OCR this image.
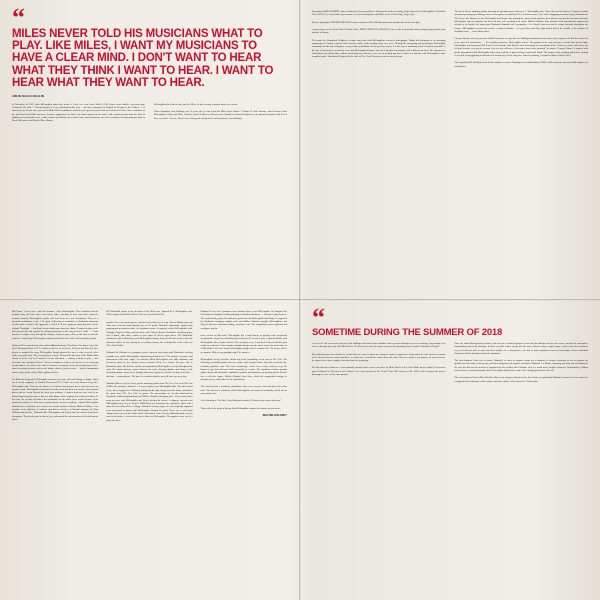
“
MILES NEVER TOLD HIS MUSICIANS WHAT TO PLAY. LIKE MILES, I WANT MY MUSICIANS TO HAVE A CLEAR MIND. I DON'T WANT TO HEAR WHAT THEY THINK I WANT TO HEAR. I WANT TO HEAR WHAT THEY WANT TO HEAR.
JOHN McCAUGHLIN

In November of 2019, John McLaughlin asked this writer if I had ever seen Louis Malle's 1958 French crime thriller Ascenseur pour l'echafaud. The film — 90-odd minutes of nervy, black-and-white noir — had been translated in English as Elevator to the Gallows — is famous for its French noir style and its Miles Davis soundtrack, which the jazz great recorded with four sidemen in Paris. After a rundown of the plot that Louis Malle and some hermetic suggestions by Davis, the band improvised the music while watching clips from the film. In addition to a memorable score, a fully realized jazz album was created. Some music historians view the recording as an important precursor to Davis' Milestones and Kind of Blue albums.

McLaughlin also told me that, just like Miles, he had recently recorded music for a movie.

When filmmaker Jack Stallings was 15 years old, he first heard the Miles Davis album A Tribute To Jack Johnson, which features John McLaughlin. Along with Wise, Coltrane, Bach, Beethoven, Mozart, and a handful of classical interpreters, the guitarist/composer had been a hero ever since. 'For me, John is one of the purest and greatest of all musicians,' says Stallings.

Saxophonist BRIAN SIEBEL, bass or Rodwyck's jazz group Drive. Subsequent to this recording, Siegel appeared on McLaughlin's Liberation Time (2021). 'I've loved John's great music ever since hearing him with Miles on In A Silent Way,' Siegel says.

Electric bass player ETIENNE MBAPPÉ is also a member of The 4th Dimension and a bandleader in his own right.

A past winner of the Sonny Wheeler Music Prize, MISHA MULLOV-ABBADO is one of the most prolific and exciting young acoustic jazz bassists in Europe.

The music for Abandoned Heights is a major entry into John McLaughlin's extensive discography. Taking full advantage of an intriguing opportunity, he further explores some favorite motifs, while creating many new ones. Through the composing and performing, McLaughlin constantly revisits and reimagines every possible permutation of his previous works. It is his way of unlocking music's limitless potential. In the case of this project, one has the sense that McLaughlin brings to bear all of his gifts in sympathy with a different art form. The outcome is a full-fledged jazz album that, without sacrificing any intricacy, serves as an inviting gateway to those not familiar with McLaughlin's other complex music. Abandoned Heights tells the tales of New York City streets and far away dreams.

The Scene has an uplifting quality featuring an uptempo groove that is in 7. McLaughlin says, 'Since this was the opener, I wanted to attract attention by setting up a dialogue between the guitar, sax and bass. It's a call and answer.' Over some chugging percussion loops, Husband sets 'The Scene' a-la Ramsey Lewis. McLaughlin and Siegel enter playing the main melody together, their phrases repeated by the piano and bass. McLaughlin rips an emphatic run that will have you checking your vitals. Mullov-Abbado's bass provides both foundational support and melody as he doubles the piano part; Husband's drumkit solo is propulsive. It is Siegel's turn next and he romps joyously throughout the feature. McLaughlin's second solo creates a musical paradox — he gets down and dirty right smack dab in the middle of the sublime. It shouldn't work . . . but it always does.

Curaçao Dream is a lovely, pensive ballad. In answer to a specific cue Stallings anticipated for the movie, the composer felt that the music had to be quiet. 'It's melancholy . . . it's recalling memories,' McLaughlin reflects. The guitarist is the only performer on this brief poetic flight. McLaughlin veteran pianist Bill Evans' Conversations with Myself when discussing the overdubbed track. 'When you know both sides, the feelings become very precise because they are not collective; it becomes much more personal,' he muses. 'Curaçao Dream' is painted with gentle atmospherics that McLaughlin takes from a palette of pastels using a soft-bristle brush. The beauty of the yearning guitar lines running over a bed of arpeggiating chords takes the breath away. If the song were indeed a painting, it would be Monet's Water Lilies.

The beguiling Will & Elijah on the Train combines a nod to 'Nostalgia' from Mahavishnu (1984), which featured solos from McLaughlin and saxophonist

Bill Evans. 'I am in love with this structure,' offers McLaughlin. These familiar with the original song will have their ears honed, fully expecting to hear what their memories demand; instead, McLaughlin's guitar will lead them to a new destination. There is a beautiful modulation at the 1:19 mark, delivering an invitation to Husband's showcase electric piano. Siegel's solo approach is added to Evans' gorgeous fluttering lines on the original 'Nostalgia' — but Siegel's roster finds more than they flutter. 'I wanted to play a solo that was melodic and connect the shifting harmonies in the song as best I could . . . I took my time to explore ways through the changes, firstly on piano, then on the horn to learn the sequence,' adds Siegel. McLaughlin returns to finish the tune with a solo stretching refrain.

Elijah in DC is modeled after the classic Mahavishnu tune 'You Know You Know' from The Inner Mounting Flame (1971). Artists as diverse as Jeff Beck, DJ Scott and Mos Def have played or sampled the song. McLaughlin, though pleased the tune is often covered, jokes with a wry smile that: 'They are playing it wrong.' Whereas the first beat of the Mahavishnu classic is on the 'end of 4' instead of on the downbeat — making it tricky to play — this derivative has a standard 4/4 feel. 'There is actually not really a melody here; I am setting up an atmosphere. It's what we do with it. Contrary to coming in at the top and playing a solo, I asked everybody to start a solo on the bridge, which is kind of weird . . . but the imagination starts to play inside of that,' McLaughlin clarifies.

For Malcolm Fitzgerald, McLaughlin reinvents a six-note riff from 'Bridge of Sighs', which can be heard originally on Natural Elements (1977). 'That's one of the themes of my life,' McLaughlin adds. This time the phrase is electrified and dropped into a fresh processor on an pulse mode. McLaughlin's trademark horn-like often that their way into the most unusual places and are swept beyond the basic jazz tradition. A pattern that was once used in an Indian-tinged song becomes a blues or funk phrase when employed in a different milieu. In this case, the six-note riff that is the foundation for the whole piece works because of the synth bass sound of it. That lower-register phrase 'means everything,' explains McLaughlin. Husband uses a half-time feel at times for sounds similar to Narada Michael Walden. 'I am actually on the high hat. It could be said that is reflective of Narada's playing, but Tony Williams did that too,' Husband adds. McLaughlin and Siegel share the atomic funk theme throughout. They break apart to dart in, out, and around the aforementioned riff with intense solos.

DC Basketball points in the direction of the Miles tune 'Spanish Key.' McLaughlin says, 'This is right out of Kitchen Brew. That one chord hooks it all

together. It's a two-chord groove, but that's all it takes to set it up.' Pascal Milupit opens up with some ferocious funk playing over an E7 pedal. Husband's drumming, against busy programmed percussion tracks, is a rhythmic course. An urgency settles McLaughlin's solo. Fittingly, Siegel's roiling, anxious solos evoke Wayne Shorter. Husband's cascading piano, full of attack, adds brave points of open space in all the right places. 'DC Basketball' culminates with a blistering second McLaughlin barrage before it all fades away in the fake afternoon traffic. In fact, during the recording sessions, the working title of the track was 'New York Traffic.'

Nathaniel & Christian is a poignant, poetic endeavor that begins with Husband's swelling cymbals over which McLaughlin's shimmering chords hover. The melody is pensive and harmonious with some edges. An inflective-filled McLaughlin solo adds substance and increment attack as the mission moves forward. There is a classic '60s jazz vibe to Husband's piano. His delicate chordic accompaniment McLaughlin's melody throughout the coda. The chord structure, spaces between the notes, flowing rhythm, and beauty of the keyboard produce moments of fragility that come together to create a feeling of tension — but firm — transcendence. The tune is a reminder that the sun will come up every day.

Nathaniel Drives to New Jersey gets its marching orders from 'The Free Line' on In The Fan (2006). The melody is insistent — it comes right at you. McLaughlin adds, 'The tune is hard to me, but not aggressive.' Husband, pulling double duty laying down the drums, introduces the quote from 'The Free Line' on piano. The proceedings are heavily buttressed by Husband's exhilarating backbeats and Mullov-Abbado's thumping bass. A slow motor blues ramp up roars with McLaughlin and Siegel offering the theme. A slippery, staccato rock McLaughlin foray is next. Siegel's R&B-tinted solo maintains the exposition, albeit with a spaced-in two-offered line of charge. Husband's chunky organ solo was originally supposed to be performed on piano until McLaughlin changed his mind. There was an old organ sitting in the corner of the studio which could barely work. Clearly, Husband found a way to sort out its kinks. A second solo turn is taken by McLaughlin. He surprises come out of a daily fine time.

Nathaniel Leaves the Apartment was character driven, says McLaughlin. He imagined the lead character Nathaniel walking through a beautiful apartment — and then reality kicks in. The main melody, played in tandem to great effect by McLaughlin and Siegel, is supported by Husband's swinging cymbal work and Mullov-Abbado's upright. McLaughlin's and Siegel's solos are sometimes biting, sometimes cool. The complicity between guitarist and sax player may be

most evident on this track. McLaughlin has a long history of playing with exceptional saxophonists. Siegel has officially joined that list. He seems to have a natural affinity with McLaughlin's lines, timbre and feel. The sax player says, 'I just tried to blend with his great sound on each tune!' After a marked rhythm change runs the whole mood, the track takes on a Miles-like 'Cool Jazz' sound. McLaughlin laughs when I mention this. 'Of course, this is no surprise. Miles is my guardian angel,' he answers.

McLaughlin's lovely bell-like chords tug at the heartstrings at the start of The Cost. The following overdubbed guitar lines are replete with elongated blues riffs and occasional sky-reaching rapid-fire runs. This brief soundscape, which never really resolves, begs the listener to get lost and come back repeatedly in a cycle. The repetition of those opening guitar chords and Husband's empathetic cymbals and backbeat can quickly put the listener into a reflective trance. Mullov-Abbado's bass lines, which the composition assigns to integrate pieces, add further to the introduction.

'The End' presents a wondrous conundrum. How can a song be slow and fast at the same time? The answer is contained within McLaughlin's and musical vocabulary which has its own unique font.

After listening to 'The End,' Gary Husband remarked, 'Nobody writes music this way!'

That really is the point in having John McLaughlin compose the music for your score.

WALTER KOLOSKY
“
SOMETIME DURING THE SUMMER OF 2018

I received a call from movie director Jack Stallings who had become familiar with my music through my own recordings, but perhaps even more so through my work with Miles Davis. He asked me to write the music score for his upcoming movie entitled 'Abandoned Heights'.

My initial question was whether he would allow me some freedom in writing the music as opposed to being asked to write music to conform to his ideas of how the music should be, in which case I would have turned down the offer. However, much to my surprise, he answered 'yes' he wanted me to have complete freedom from the beginning.

We also discovered that one of our mutually favorite movie scores was done by Miles Davis in the Louis Malle movie entitled 'L'ascenseur pour l'échafaud' or 'Elevator to the Gallows' one of the greatest of the French 'Film Noir' movies of the 1950's and I accepted the project knowing we were on the same ground.

Since the actual filming had not started, Jack sent me a detailed synopsis of not only the dialogue between the actors, but also the atmosphere surrounding much of the dialogue. In fact I was able to dive deeply into the story without seeing a single image. I got to know the characters very well and was able to enter into their worlds. As a consequence, was able to draw inspiration from my knowledge of their individual characters and the dialogues inside the situations.

The first character I met was of course, Nathaniel, in order to compose music for a character, it became necessary for me to separate the qualities and the faults of the person, and then bring them all together musically. Nathaniel is a likable, charming con man who is looking for the easy life that for the moment is supported by his wealthy wife Christine who is a much more complex character. Unfortunately, Nathan suffers from a certain immaturity which will finally oblige him to make a life changing decision in the end.

The next character I met is Marc Buckley. Marc is an elegant, cultivated snob, but a better con artist than Nathaniel, insofar as he is a writer for a magazine that condemns of the cuisines and wine culture of the many New York restau-
